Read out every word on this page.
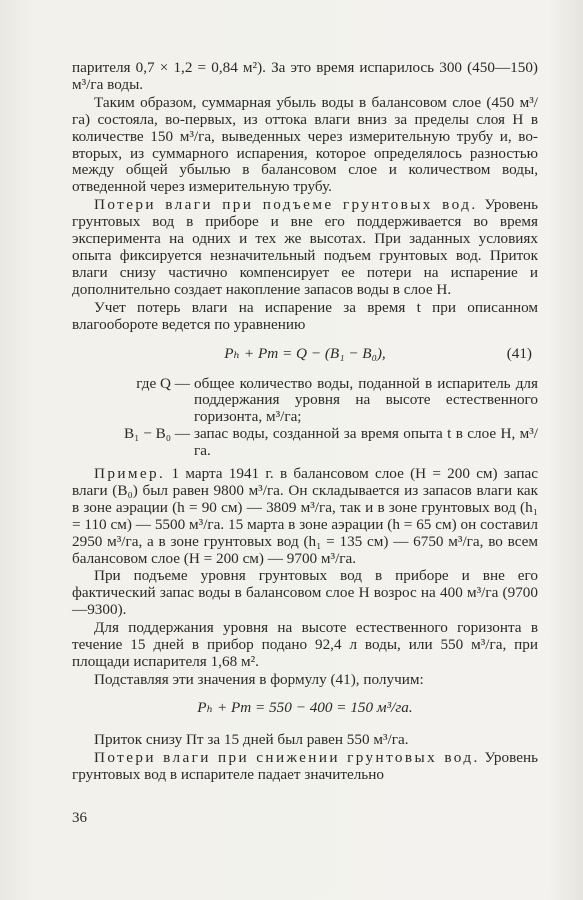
парителя 0,7 × 1,2 = 0,84 м²). За это время испарилось 300 (450—150) м³/га воды.

Таким образом, суммарная убыль воды в балансовом слое (450 м³/га) состояла, во-первых, из оттока влаги вниз за пределы слоя H в количестве 150 м³/га, выведенных через измерительную трубу и, во-вторых, из суммарного испарения, которое определялось разностью между общей убылью в балансовом слое и количеством воды, отведенной через измерительную трубу.

Потери влаги при подъеме грунтовых вод. Уровень грунтовых вод в приборе и вне его поддерживается во время эксперимента на одних и тех же высотах. При заданных условиях опыта фиксируется незначительный подъем грунтовых вод. Приток влаги снизу частично компенсирует ее потери на испарение и дополнительно создает накопление запасов воды в слое H.

Учет потерь влаги на испарение за время t при описанном влагообороте ведется по уравнению

Pₕ + Pт = Q − (B₁ − B₀),	(41)
где Q — общее количество воды, поданной в испаритель для поддержания уровня на высоте естественного горизонта, м³/га;
B₁ − B₀ — запас воды, созданной за время опыта t в слое H, м³/га.

Пример. 1 марта 1941 г. в балансовом слое (H = 200 см) запас влаги (B₀) был равен 9800 м³/га. Он складывается из запасов влаги как в зоне аэрации (h = 90 см) — 3809 м³/га, так и в зоне грунтовых вод (h₁ = 110 см) — 5500 м³/га. 15 марта в зоне аэрации (h = 65 см) он составил 2950 м³/га, а в зоне грунтовых вод (h₁ = 135 см) — 6750 м³/га, во всем балансовом слое (H = 200 см) — 9700 м³/га.

При подъеме уровня грунтовых вод в приборе и вне его фактический запас воды в балансовом слое H возрос на 400 м³/га (9700—9300).

Для поддержания уровня на высоте естественного горизонта в течение 15 дней в прибор подано 92,4 л воды, или 550 м³/га, при площади испарителя 1,68 м².

Подставляя эти значения в формулу (41), получим:

Pₕ + Pт = 550 − 400 = 150 м³/га.

Приток снизу Пт за 15 дней был равен 550 м³/га.

Потери влаги при снижении грунтовых вод. Уровень грунтовых вод в испарителе падает значительно

36
